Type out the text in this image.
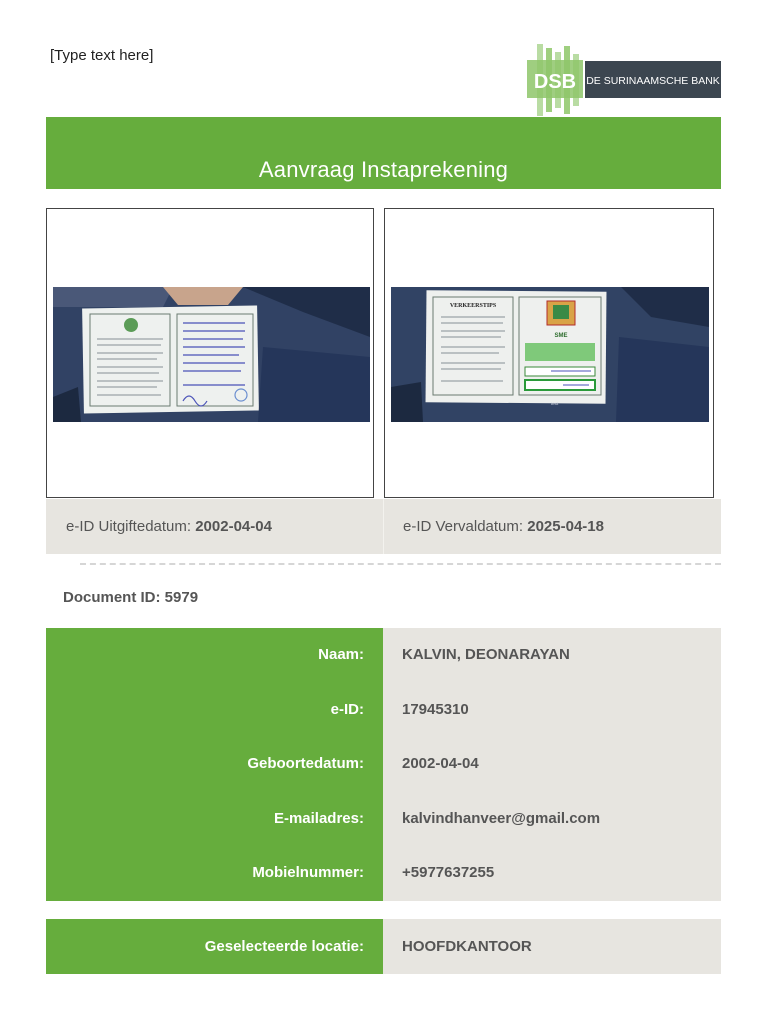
[Type text here]
DSB DE SURINAAMSCHE BANK
Aanvraag Instaprekening
VERKEERSTIPS
SME
text
e-ID Uitgiftedatum: 2002-04-04	e-ID Vervaldatum: 2025-04-18
Document ID: 5979
Naam:
e-ID:
Geboortedatum:
E-mailadres:
Mobielnummer:
KALVIN, DEONARAYAN
17945310
2002-04-04
kalvindhanveer@gmail.com
+5977637255
Geselecteerde locatie:	HOOFDKANTOOR
